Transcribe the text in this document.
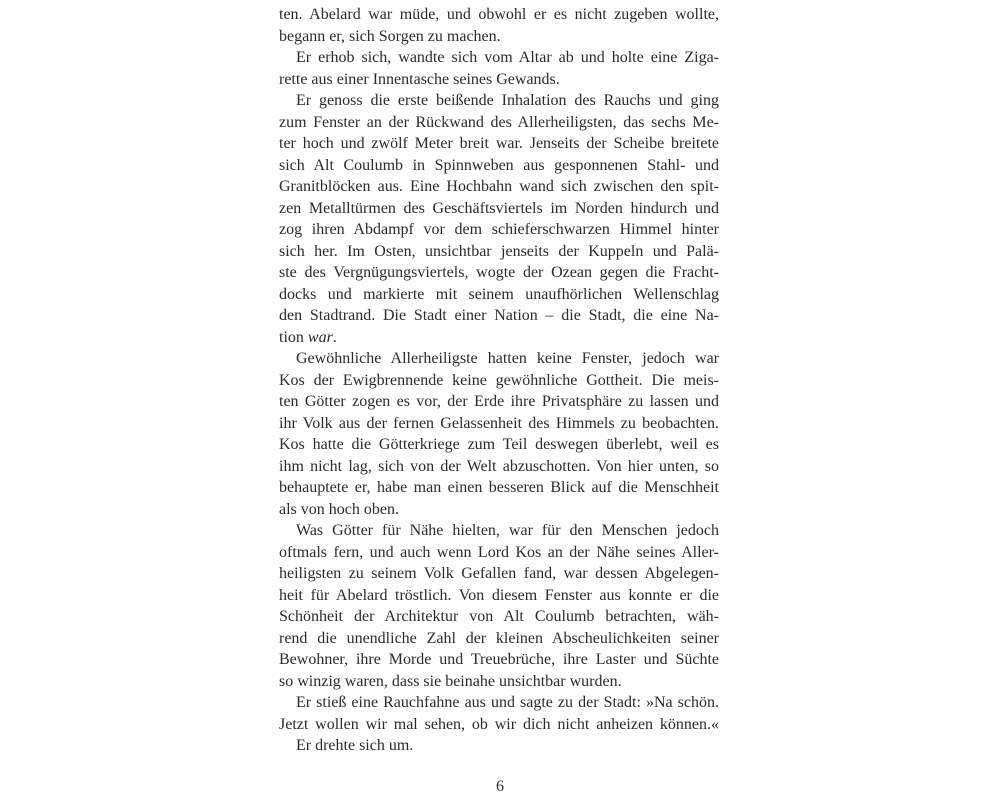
ten. Abelard war müde, und obwohl er es nicht zugeben wollte,
begann er, sich Sorgen zu machen.
Er erhob sich, wandte sich vom Altar ab und holte eine Ziga-
rette aus einer Innentasche seines Gewands.
Er genoss die erste beißende Inhalation des Rauchs und ging
zum Fenster an der Rückwand des Allerheiligsten, das sechs Me-
ter hoch und zwölf Meter breit war. Jenseits der Scheibe breitete
sich Alt Coulumb in Spinnweben aus gesponnenen Stahl- und
Granitblöcken aus. Eine Hochbahn wand sich zwischen den spit-
zen Metalltürmen des Geschäftsviertels im Norden hindurch und
zog ihren Abdampf vor dem schieferschwarzen Himmel hinter
sich her. Im Osten, unsichtbar jenseits der Kuppeln und Palä-
ste des Vergnügungsviertels, wogte der Ozean gegen die Fracht-
docks und markierte mit seinem unaufhörlichen Wellenschlag
den Stadtrand. Die Stadt einer Nation – die Stadt, die eine Na-
tion war.
Gewöhnliche Allerheiligste hatten keine Fenster, jedoch war
Kos der Ewigbrennende keine gewöhnliche Gottheit. Die meis-
ten Götter zogen es vor, der Erde ihre Privatsphäre zu lassen und
ihr Volk aus der fernen Gelassenheit des Himmels zu beobachten.
Kos hatte die Götterkriege zum Teil deswegen überlebt, weil es
ihm nicht lag, sich von der Welt abzuschotten. Von hier unten, so
behauptete er, habe man einen besseren Blick auf die Menschheit
als von hoch oben.
Was Götter für Nähe hielten, war für den Menschen jedoch
oftmals fern, und auch wenn Lord Kos an der Nähe seines Aller-
heiligsten zu seinem Volk Gefallen fand, war dessen Abgelegen-
heit für Abelard tröstlich. Von diesem Fenster aus konnte er die
Schönheit der Architektur von Alt Coulumb betrachten, wäh-
rend die unendliche Zahl der kleinen Abscheulichkeiten seiner
Bewohner, ihre Morde und Treuebrüche, ihre Laster und Süchte
so winzig waren, dass sie beinahe unsichtbar wurden.
Er stieß eine Rauchfahne aus und sagte zu der Stadt: »Na schön.
Jetzt wollen wir mal sehen, ob wir dich nicht anheizen können.«
Er drehte sich um.
6
